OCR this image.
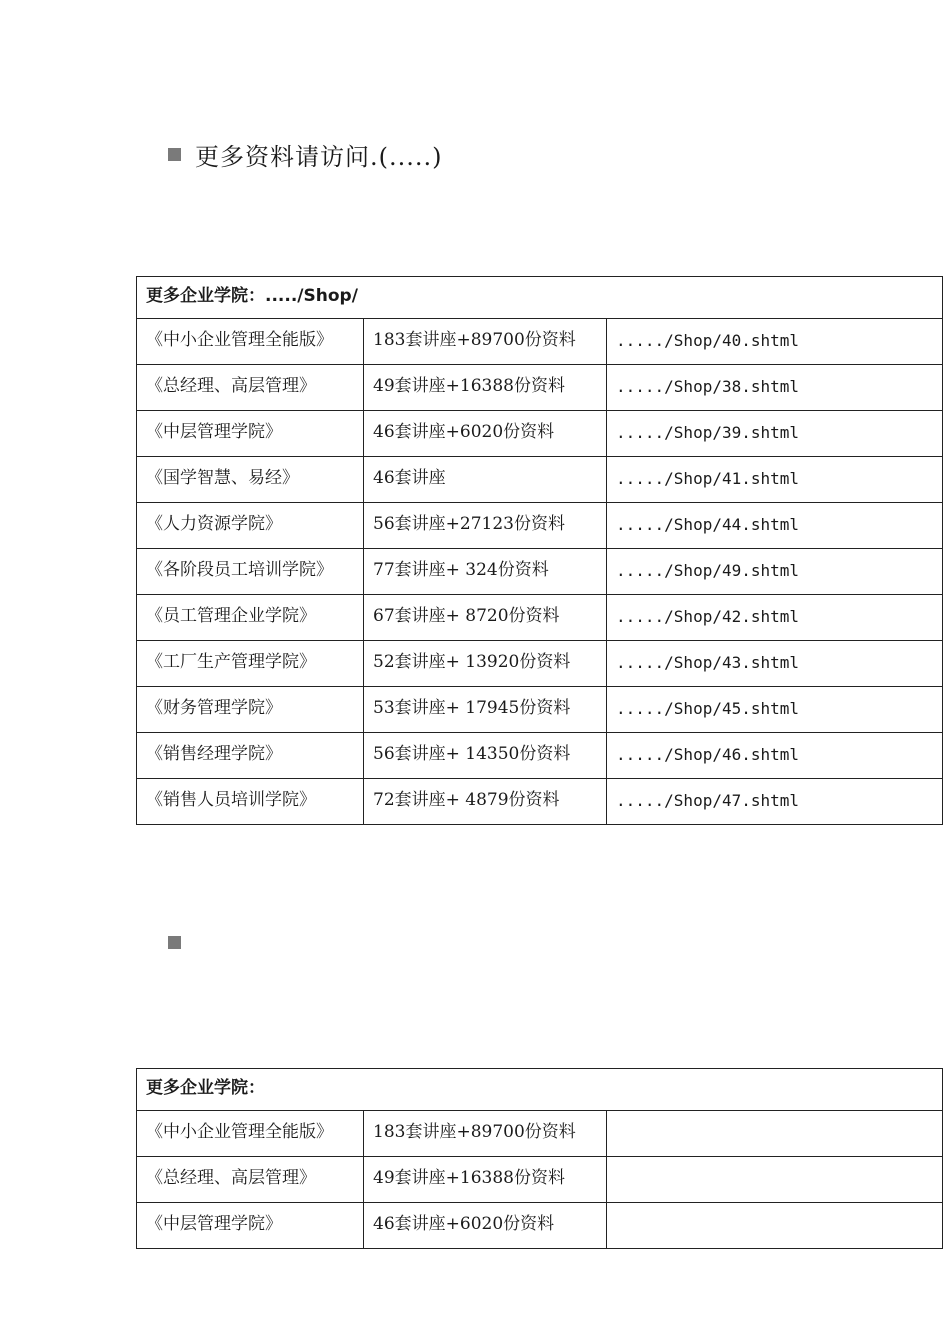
更多资料请访问.(.....)
更多企业学院：...../Shop/		
《中小企业管理全能版》	183套讲座+89700份资料	...../Shop/40.shtml
《总经理、高层管理》	49套讲座+16388份资料	...../Shop/38.shtml
《中层管理学院》	46套讲座+6020份资料	...../Shop/39.shtml
《国学智慧、易经》	46套讲座	...../Shop/41.shtml
《人力资源学院》	56套讲座+27123份资料	...../Shop/44.shtml
《各阶段员工培训学院》	77套讲座+ 324份资料	...../Shop/49.shtml
《员工管理企业学院》	67套讲座+ 8720份资料	...../Shop/42.shtml
《工厂生产管理学院》	52套讲座+ 13920份资料	...../Shop/43.shtml
《财务管理学院》	53套讲座+ 17945份资料	...../Shop/45.shtml
《销售经理学院》	56套讲座+ 14350份资料	...../Shop/46.shtml
《销售人员培训学院》	72套讲座+ 4879份资料	...../Shop/47.shtml
更多企业学院：		
《中小企业管理全能版》	183套讲座+89700份资料	
《总经理、高层管理》	49套讲座+16388份资料	
《中层管理学院》	46套讲座+6020份资料	
